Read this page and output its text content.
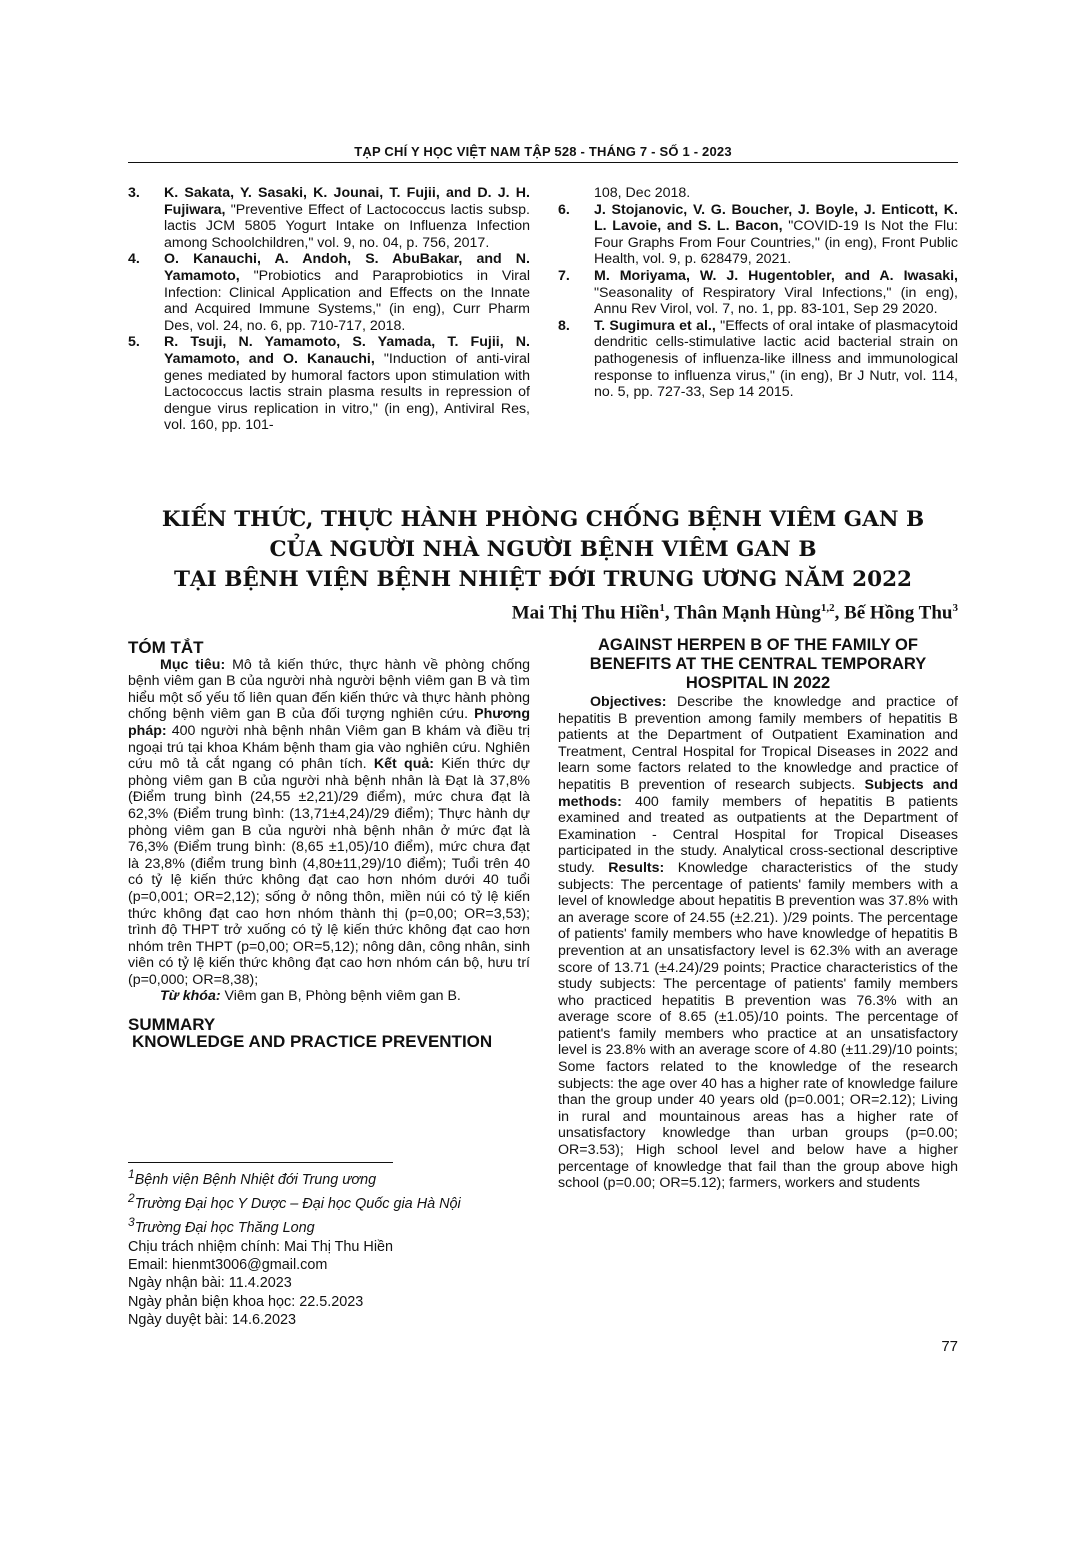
TẠP CHÍ Y HỌC VIỆT NAM TẬP 528 - THÁNG 7 - SỐ 1 - 2023
3.	K. Sakata, Y. Sasaki, K. Jounai, T. Fujii, and D. J. H. Fujiwara, "Preventive Effect of Lactococcus lactis subsp. lactis JCM 5805 Yogurt Intake on Influenza Infection among Schoolchildren," vol. 9, no. 04, p. 756, 2017.
4.	O. Kanauchi, A. Andoh, S. AbuBakar, and N. Yamamoto, "Probiotics and Paraprobiotics in Viral Infection: Clinical Application and Effects on the Innate and Acquired Immune Systems," (in eng), Curr Pharm Des, vol. 24, no. 6, pp. 710-717, 2018.
5.	R. Tsuji, N. Yamamoto, S. Yamada, T. Fujii, N. Yamamoto, and O. Kanauchi, "Induction of anti-viral genes mediated by humoral factors upon stimulation with Lactococcus lactis strain plasma results in repression of dengue virus replication in vitro," (in eng), Antiviral Res, vol. 160, pp. 101-
108, Dec 2018.
6.	J. Stojanovic, V. G. Boucher, J. Boyle, J. Enticott, K. L. Lavoie, and S. L. Bacon, "COVID-19 Is Not the Flu: Four Graphs From Four Countries," (in eng), Front Public Health, vol. 9, p. 628479, 2021.
7.	M. Moriyama, W. J. Hugentobler, and A. Iwasaki, "Seasonality of Respiratory Viral Infections," (in eng), Annu Rev Virol, vol. 7, no. 1, pp. 83-101, Sep 29 2020.
8.	T. Sugimura et al., "Effects of oral intake of plasmacytoid dendritic cells-stimulative lactic acid bacterial strain on pathogenesis of influenza-like illness and immunological response to influenza virus," (in eng), Br J Nutr, vol. 114, no. 5, pp. 727-33, Sep 14 2015.
KIẾN THỨC, THỰC HÀNH PHÒNG CHỐNG BỆNH VIÊM GAN B
CỦA NGƯỜI NHÀ NGƯỜI BỆNH VIÊM GAN B
TẠI BỆNH VIỆN BỆNH NHIỆT ĐỚI TRUNG ƯƠNG NĂM 2022
Mai Thị Thu Hiền$^1$, Thân Mạnh Hùng$^{1,2}$, Bế Hồng Thu$^3$

TÓM TẮT

Mục tiêu: Mô tả kiến thức, thực hành về phòng chống bệnh viêm gan B của người nhà người bệnh viêm gan B và tìm hiểu một số yếu tố liên quan đến kiến thức và thực hành phòng chống bệnh viêm gan B của đối tượng nghiên cứu. Phương pháp: 400 người nhà bệnh nhân Viêm gan B khám và điều trị ngoại trú tại khoa Khám bệnh tham gia vào nghiên cứu. Nghiên cứu mô tả cắt ngang có phân tích. Kết quả: Kiến thức dự phòng viêm gan B của người nhà bệnh nhân là Đạt là 37,8% (Điểm trung bình (24,55 ±2,21)/29 điểm), mức chưa đạt là 62,3% (Điểm trung bình: (13,71±4,24)/29 điểm); Thực hành dự phòng viêm gan B của người nhà bệnh nhân ở mức đạt là 76,3% (Điểm trung bình: (8,65 ±1,05)/10 điểm), mức chưa đạt là 23,8% (điểm trung bình (4,80±11,29)/10 điểm); Tuổi trên 40 có tỷ lệ kiến thức không đạt cao hơn nhóm dưới 40 tuổi (p=0,001; OR=2,12); sống ở nông thôn, miền núi có tỷ lệ kiến thức không đạt cao hơn nhóm thành thị (p=0,00; OR=3,53); trình độ THPT trở xuống có tỷ lệ kiến thức không đạt cao hơn nhóm trên THPT (p=0,00; OR=5,12); nông dân, công nhân, sinh viên có tỷ lệ kiến thức không đạt cao hơn nhóm cán bộ, hưu trí (p=0,000; OR=8,38);

Từ khóa: Viêm gan B, Phòng bệnh viêm gan B.

SUMMARY

KNOWLEDGE AND PRACTICE PREVENTION

AGAINST HERPEN B OF THE FAMILY OF BENEFITS AT THE CENTRAL TEMPORARY HOSPITAL IN 2022

Objectives: Describe the knowledge and practice of hepatitis B prevention among family members of hepatitis B patients at the Department of Outpatient Examination and Treatment, Central Hospital for Tropical Diseases in 2022 and learn some factors related to the knowledge and practice of hepatitis B prevention of research subjects. Subjects and methods: 400 family members of hepatitis B patients examined and treated as outpatients at the Department of Examination - Central Hospital for Tropical Diseases participated in the study. Analytical cross-sectional descriptive study. Results: Knowledge characteristics of the study subjects: The percentage of patients' family members with a level of knowledge about hepatitis B prevention was 37.8% with an average score of 24.55 (±2.21). )/29 points. The percentage of patients' family members who have knowledge of hepatitis B prevention at an unsatisfactory level is 62.3% with an average score of 13.71 (±4.24)/29 points; Practice characteristics of the study subjects: The percentage of patients' family members who practiced hepatitis B prevention was 76.3% with an average score of 8.65 (±1.05)/10 points. The percentage of patient's family members who practice at an unsatisfactory level is 23.8% with an average score of 4.80 (±11.29)/10 points; Some factors related to the knowledge of the research subjects: the age over 40 has a higher rate of knowledge failure than the group under 40 years old (p=0.001; OR=2.12); Living in rural and mountainous areas has a higher rate of unsatisfactory knowledge than urban groups (p=0.00; OR=3.53); High school level and below have a higher percentage of knowledge that fail than the group above high school (p=0.00; OR=5.12); farmers, workers and students

$^1$Bệnh viện Bệnh Nhiệt đới Trung ương
$^2$Trường Đại học Y Dược – Đại học Quốc gia Hà Nội
$^3$Trường Đại học Thăng Long
Chịu trách nhiệm chính: Mai Thị Thu Hiền
Email: hienmt3006@gmail.com
Ngày nhận bài: 11.4.2023
Ngày phản biện khoa học: 22.5.2023
Ngày duyệt bài: 14.6.2023
77
